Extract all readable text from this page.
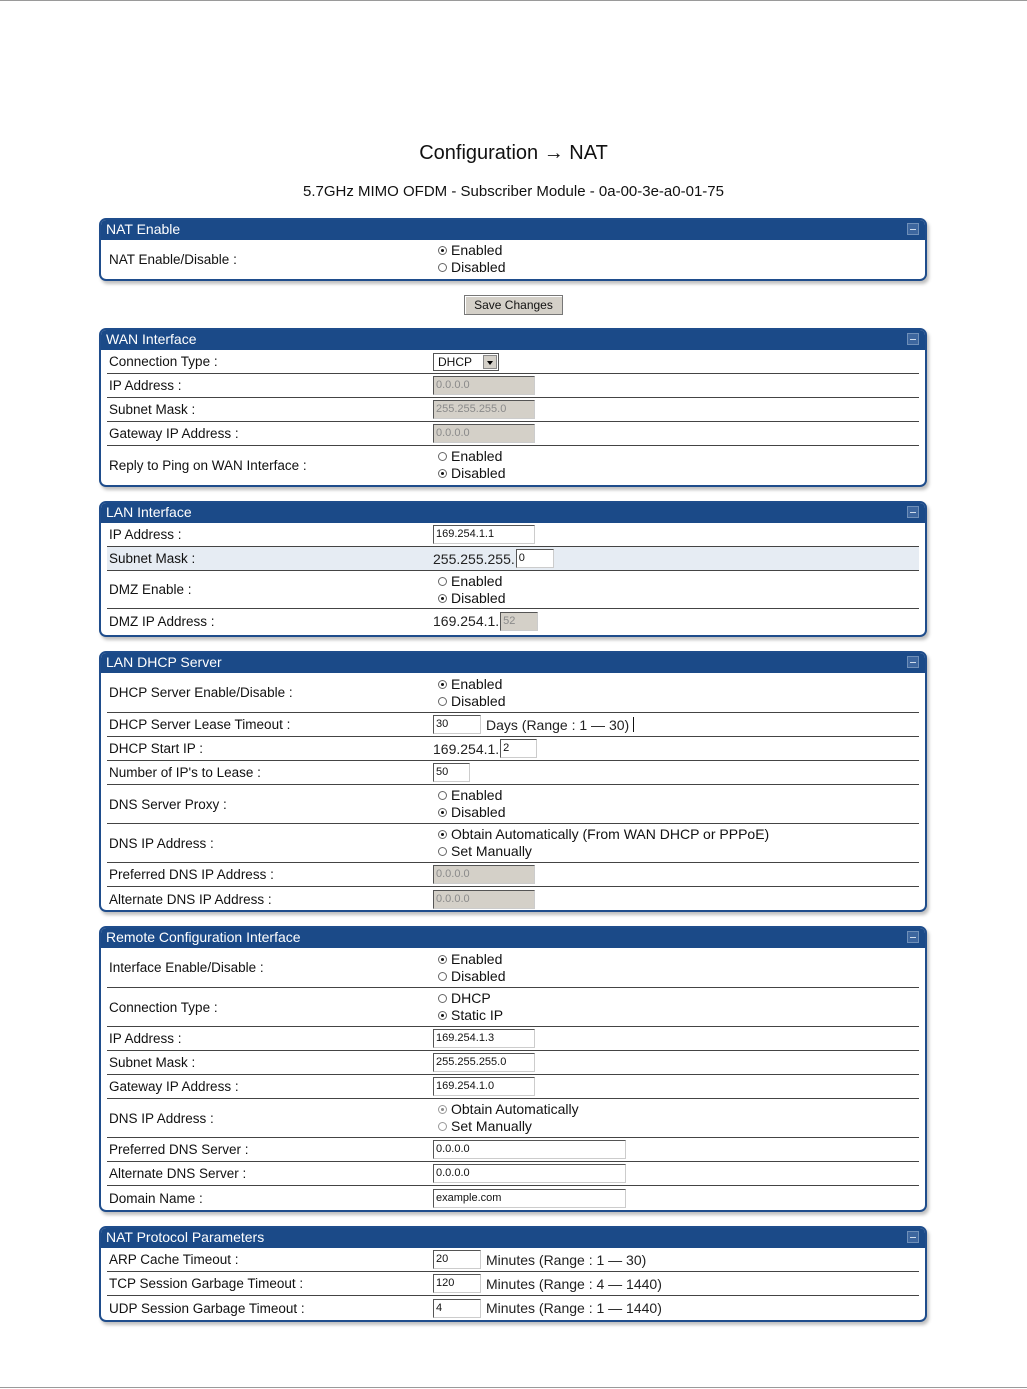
Configuration → NAT
5.7GHz MIMO OFDM - Subscriber Module - 0a-00-3e-a0-01-75
NAT Enable
NAT Enable/Disable :
Enabled
Disabled
Save Changes
WAN Interface
Connection Type :	DHCP
IP Address :	0.0.0.0
Subnet Mask :	255.255.255.0
Gateway IP Address :	0.0.0.0
Reply to Ping on WAN Interface :
Enabled
Disabled
LAN Interface
IP Address :	169.254.1.1
Subnet Mask :	255.255.255. 0
DMZ Enable :
Enabled
Disabled
DMZ IP Address :	169.254.1. 52
LAN DHCP Server
DHCP Server Enable/Disable :
Enabled
Disabled
DHCP Server Lease Timeout :	30	Days (Range : 1 — 30)
DHCP Start IP :	169.254.1. 2
Number of IP's to Lease :	50
DNS Server Proxy :
Enabled
Disabled
DNS IP Address :
Obtain Automatically (From WAN DHCP or PPPoE)
Set Manually
Preferred DNS IP Address :	0.0.0.0
Alternate DNS IP Address :	0.0.0.0
Remote Configuration Interface
Interface Enable/Disable :
Enabled
Disabled
Connection Type :
DHCP
Static IP
IP Address :	169.254.1.3
Subnet Mask :	255.255.255.0
Gateway IP Address :	169.254.1.0
DNS IP Address :
Obtain Automatically
Set Manually
Preferred DNS Server :	0.0.0.0
Alternate DNS Server :	0.0.0.0
Domain Name :	example.com
NAT Protocol Parameters
ARP Cache Timeout :	20	Minutes (Range : 1 — 30)
TCP Session Garbage Timeout :	120	Minutes (Range : 4 — 1440)
UDP Session Garbage Timeout :	4	Minutes (Range : 1 — 1440)
